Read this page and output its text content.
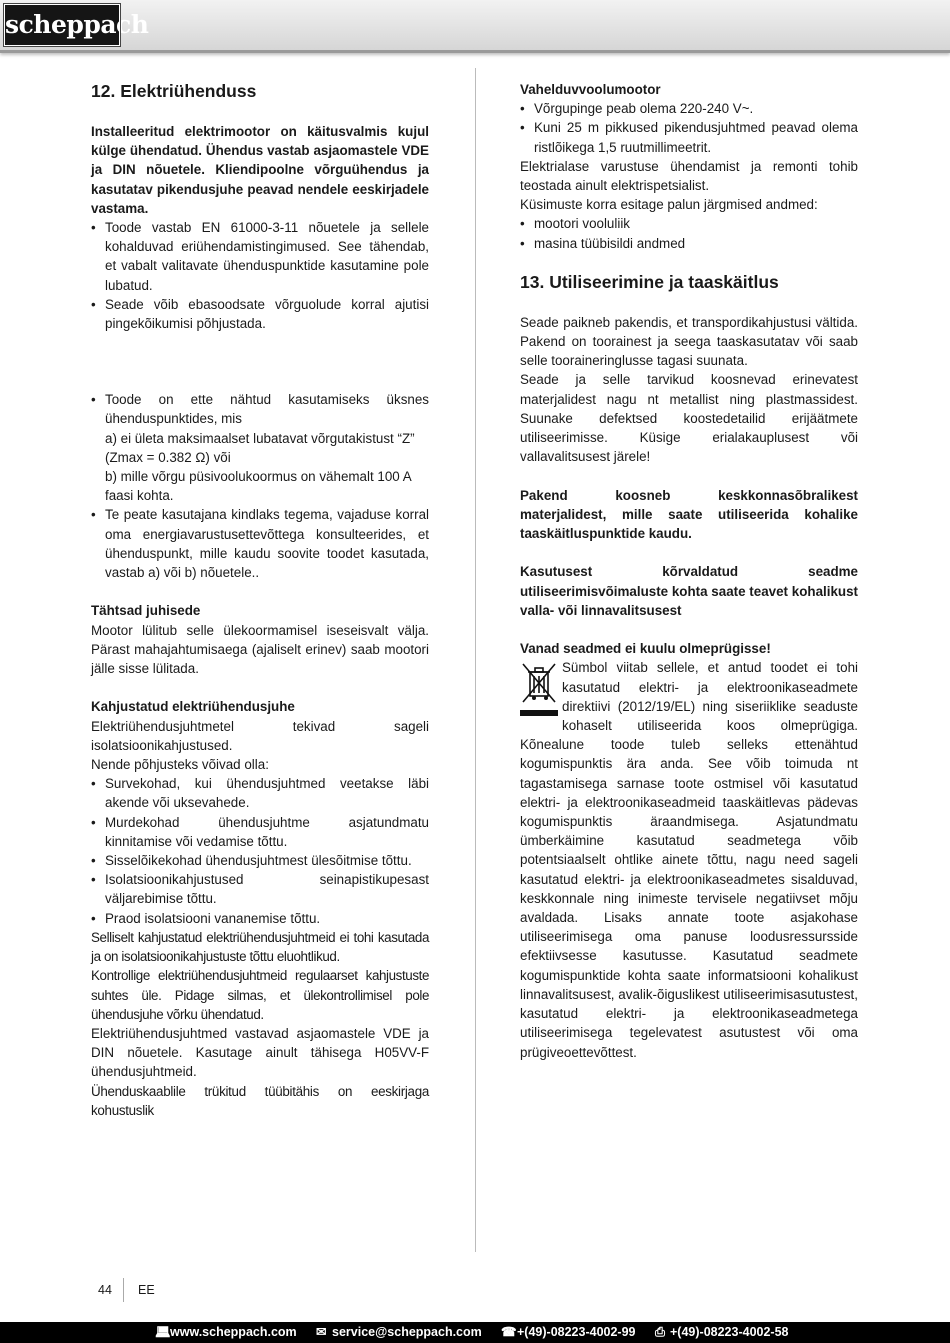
scheppach

12. Elektriühenduss

Installeeritud elektrimootor on käitusvalmis kujul külge ühendatud. Ühendus vastab asjaomastele VDE ja DIN nõuetele. Kliendipoolne võrguühendus ja kasutatav pikendusjuhe peavad nendele eeskirjadele vastama.

• Toode vastab EN 61000-3-11 nõuetele ja sellele kohalduvad eriühendamistingimused. See tähendab, et vabalt valitavate ühenduspunktide kasutamine pole lubatud.

• Seade võib ebasoodsate võrguolude korral ajutisi pingekõikumisi põhjustada.

• Toode on ette nähtud kasutamiseks üksnes ühenduspunktides, mis

a) ei ületa maksimaalset lubatavat võrgutakistust “Z” (Zmax = 0.382 Ω) või

b) mille võrgu püsivoolukoormus on vähemalt 100 A faasi kohta.

• Te peate kasutajana kindlaks tegema, vajaduse korral oma energiavarustusettevõttega konsulteerides, et ühenduspunkt, mille kaudu soovite toodet kasutada, vastab a) või b) nõuetele..

Tähtsad juhisede

Mootor lülitub selle ülekoormamisel iseseisvalt välja. Pärast mahajahtumisaega (ajaliselt erinev) saab mootori jälle sisse lülitada.

Kahjustatud elektriühendusjuhe

Elektriühendusjuhtmetel tekivad sageli isolatsioonikahjustused.

Nende põhjusteks võivad olla:

• Survekohad, kui ühendusjuhtmed veetakse läbi akende või uksevahede.

• Murdekohad ühendusjuhtme asjatundmatu kinnitamise või vedamise tõttu.

• Sisselõikekohad ühendusjuhtmest ülesõitmise tõttu.

• Isolatsioonikahjustused seinapistikupesast väljarebimise tõttu.

• Praod isolatsiooni vananemise tõttu.

Selliselt kahjustatud elektriühendusjuhtmeid ei tohi kasutada ja on isolatsioonikahjustuste tõttu eluohtlikud.

Kontrollige elektriühendusjuhtmeid regulaarset kahjustuste suhtes üle. Pidage silmas, et ülekontrollimisel pole ühendusjuhe võrku ühendatud.

Elektriühendusjuhtmed vastavad asjaomastele VDE ja DIN nõuetele. Kasutage ainult tähisega H05VV-F ühendusjuhtmeid.

Ühenduskaablile trükitud tüübitähis on eeskirjaga kohustuslik

Vahelduvvoolumootor

• Võrgupinge peab olema 220-240 V~.

• Kuni 25 m pikkused pikendusjuhtmed peavad olema ristlõikega 1,5 ruutmillimeetrit.

Elektrialase varustuse ühendamist ja remonti tohib teostada ainult elektrispetsialist.

Küsimuste korra esitage palun järgmised andmed:

• mootori vooluliik

• masina tüübisildi andmed

13. Utiliseerimine ja taaskäitlus

Seade paikneb pakendis, et transpordikahjustusi vältida. Pakend on toorainest ja seega taaskasutatav või saab selle tooraineringlusse tagasi suunata.

Seade ja selle tarvikud koosnevad erinevatest materjalidest nagu nt metallist ning plastmassidest. Suunake defektsed koostedetailid erijäätmete utiliseerimisse. Küsige erialakauplusest või vallavalitsusest järele!

Pakend koosneb keskkonnasõbralikest materjalidest, mille saate utiliseerida kohalike taaskäitluspunktide kaudu.

Kasutusest kõrvaldatud seadme utiliseerimisvõimaluste kohta saate teavet kohalikust valla- või linnavalitsusest

Vanad seadmed ei kuulu olmeprügisse!

Sümbol viitab sellele, et antud toodet ei tohi kasutatud elektri- ja elektroonikaseadmete direktiivi (2012/19/EL) ning siseriiklike seaduste kohaselt utiliseerida koos olmeprügiga. Kõnealune toode tuleb selleks ettenähtud kogumispunktis ära anda. See võib toimuda nt tagastamisega sarnase toote ostmisel või kasutatud elektri- ja elektroonikaseadmeid taaskäitlevas pädevas kogumispunktis äraandmisega. Asjatundmatu ümberkäimine kasutatud seadmetega võib potentsiaalselt ohtlike ainete tõttu, nagu need sageli kasutatud elektri- ja elektroonikaseadmetes sisalduvad, keskkonnale ning inimeste tervisele negatiivset mõju avaldada. Lisaks annate toote asjakohase utiliseerimisega oma panuse loodusressursside efektiivsesse kasutusse. Kasutatud seadmete kogumispunktide kohta saate informatsiooni kohalikust linnavalitsusest, avalik-õiguslikest utiliseerimisasutustest, kasutatud elektri- ja elektroonikaseadmetega utiliseerimisega tegelevatest asutustest või oma prügiveoettevõttest.

44 EE
💻︎ www.scheppach.com ✉︎ service@scheppach.com ☎︎ +(49)-08223-4002-99 ⎙ +(49)-08223-4002-58
